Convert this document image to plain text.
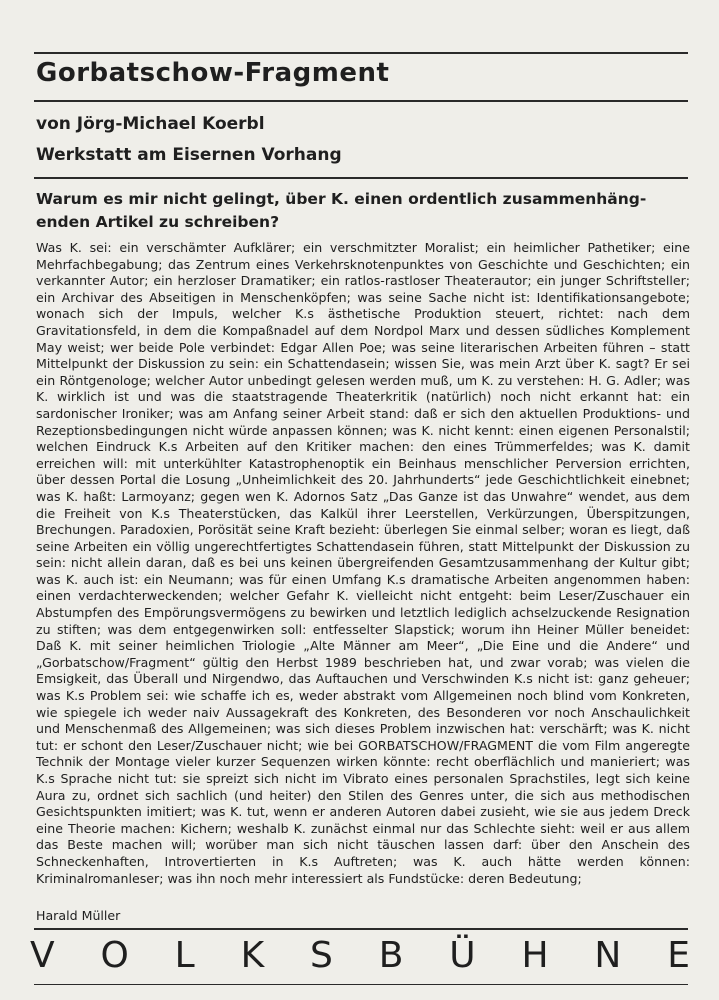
Gorbatschow-Fragment
von Jörg-Michael Koerbl
Werkstatt am Eisernen Vorhang
Warum es mir nicht gelingt, über K. einen ordentlich zusammenhängenden Artikel zu schreiben?
Was K. sei: ein verschämter Aufklärer; ein verschmitzter Moralist; ein heimlicher Pathetiker; eine Mehrfachbegabung; das Zentrum eines Verkehrsknotenpunktes von Geschichte und Geschichten; ein verkannter Autor; ein herzloser Dramatiker; ein ratlos-rastloser Theaterautor; ein junger Schriftsteller; ein Archivar des Abseitigen in Menschenköpfen; was seine Sache nicht ist: Identifikationsangebote; wonach sich der Impuls, welcher K.s ästhetische Produktion steuert, richtet: nach dem Gravitationsfeld, in dem die Kompaßnadel auf dem Nordpol Marx und dessen südliches Komplement May weist; wer beide Pole verbindet: Edgar Allen Poe; was seine literarischen Arbeiten führen – statt Mittelpunkt der Diskussion zu sein: ein Schattendasein; wissen Sie, was mein Arzt über K. sagt? Er sei ein Röntgenologe; welcher Autor unbedingt gelesen werden muß, um K. zu verstehen: H. G. Adler; was K. wirklich ist und was die staatstragende Theaterkritik (natürlich) noch nicht erkannt hat: ein sardonischer Ironiker; was am Anfang seiner Arbeit stand: daß er sich den aktuellen Produktions- und Rezeptionsbedingungen nicht würde anpassen können; was K. nicht kennt: einen eigenen Personalstil; welchen Eindruck K.s Arbeiten auf den Kritiker machen: den eines Trümmerfeldes; was K. damit erreichen will: mit unterkühlter Katastrophenoptik ein Beinhaus menschlicher Perversion errichten, über dessen Portal die Losung „Unheimlichkeit des 20. Jahrhunderts“ jede Geschichtlichkeit einebnet; was K. haßt: Larmoyanz; gegen wen K. Adornos Satz „Das Ganze ist das Unwahre“ wendet, aus dem die Freiheit von K.s Theaterstücken, das Kalkül ihrer Leerstellen, Verkürzungen, Überspitzungen, Brechungen. Paradoxien, Porösität seine Kraft bezieht: überlegen Sie einmal selber; woran es liegt, daß seine Arbeiten ein völlig ungerechtfertigtes Schattendasein führen, statt Mittelpunkt der Diskussion zu sein: nicht allein daran, daß es bei uns keinen übergreifenden Gesamtzusammenhang der Kultur gibt; was K. auch ist: ein Neumann; was für einen Umfang K.s dramatische Arbeiten angenommen haben: einen verdachterweckenden; welcher Gefahr K. vielleicht nicht entgeht: beim Leser/Zuschauer ein Abstumpfen des Empörungsvermögens zu bewirken und letztlich lediglich achselzuckende Resignation zu stiften; was dem entgegenwirken soll: entfesselter Slapstick; worum ihn Heiner Müller beneidet: Daß K. mit seiner heimlichen Triologie „Alte Männer am Meer“, „Die Eine und die Andere“ und „Gorbatschow/Fragment“ gültig den Herbst 1989 beschrieben hat, und zwar vorab; was vielen die Emsigkeit, das Überall und Nirgendwo, das Auftauchen und Verschwinden K.s nicht ist: ganz geheuer; was K.s Problem sei: wie schaffe ich es, weder abstrakt vom Allgemeinen noch blind vom Konkreten, wie spiegele ich weder naiv Aussagekraft des Konkreten, des Besonderen vor noch Anschaulichkeit und Menschenmaß des Allgemeinen; was sich dieses Problem inzwischen hat: verschärft; was K. nicht tut: er schont den Leser/Zuschauer nicht; wie bei GORBATSCHOW/FRAGMENT die vom Film angeregte Technik der Montage vieler kurzer Sequenzen wirken könnte: recht oberflächlich und manieriert; was K.s Sprache nicht tut: sie spreizt sich nicht im Vibrato eines personalen Sprachstiles, legt sich keine Aura zu, ordnet sich sachlich (und heiter) den Stilen des Genres unter, die sich aus methodischen Gesichtspunkten imitiert; was K. tut, wenn er anderen Autoren dabei zusieht, wie sie aus jedem Dreck eine Theorie machen: Kichern; weshalb K. zunächst einmal nur das Schlechte sieht: weil er aus allem das Beste machen will; worüber man sich nicht täuschen lassen darf: über den Anschein des Schneckenhaften, Introvertierten in K.s Auftreten; was K. auch hätte werden können: Kriminalromanleser; was ihn noch mehr interessiert als Fundstücke: deren Bedeutung;
Harald Müller
V O L K S B Ü H N E
